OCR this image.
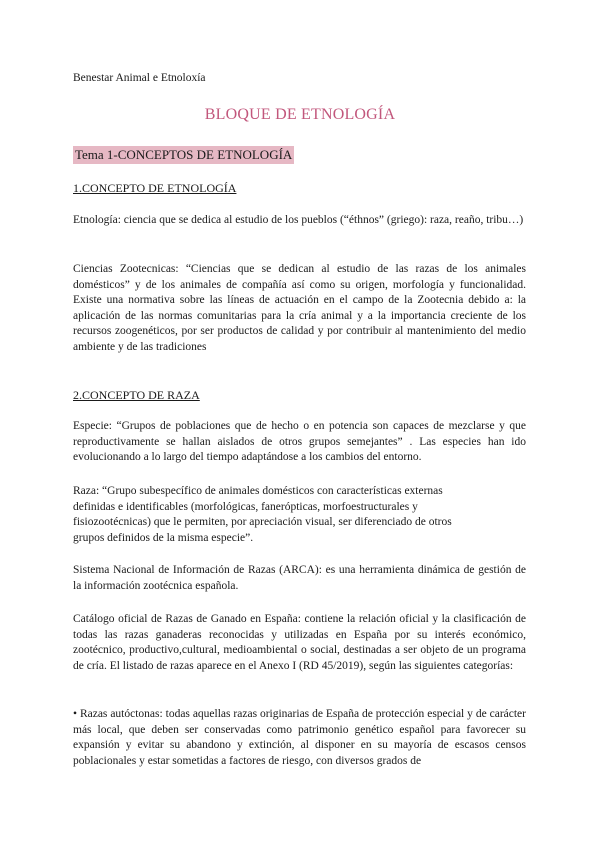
Benestar Animal e Etnoloxía
BLOQUE DE ETNOLOGÍA
Tema 1-CONCEPTOS DE ETNOLOGÍA
1.CONCEPTO DE ETNOLOGÍA
Etnología: ciencia que se dedica al estudio de los pueblos (“éthnos” (griego): raza, reaño, tribu…)
Ciencias Zootecnicas: “Ciencias que se dedican al estudio de las razas de los animales domésticos” y de los animales de compañía así como su origen, morfología y funcionalidad. Existe una normativa sobre las líneas de actuación en el campo de la Zootecnia debido a: la aplicación de las normas comunitarias para la cría animal y a la importancia creciente de los recursos zoogenéticos, por ser productos de calidad y por contribuir al mantenimiento del medio ambiente y de las tradiciones
2.CONCEPTO DE RAZA
Especie: “Grupos de poblaciones que de hecho o en potencia son capaces de mezclarse y que reproductivamente se hallan aislados de otros grupos semejantes” . Las especies han ido evolucionando a lo largo del tiempo adaptándose a los cambios del entorno.
Raza: “Grupo subespecífico de animales domésticos con características externas
definidas e identificables (morfológicas, fanerópticas, morfoestructurales y
fisiozootécnicas) que le permiten, por apreciación visual, ser diferenciado de otros
grupos definidos de la misma especie”.
Sistema Nacional de Información de Razas (ARCA): es una herramienta dinámica de gestión de la información zootécnica española.
Catálogo oficial de Razas de Ganado en España: contiene la relación oficial y la clasificación de todas las razas ganaderas reconocidas y utilizadas en España por su interés económico, zootécnico, productivo,cultural, medioambiental o social, destinadas a ser objeto de un programa de cría. El listado de razas aparece en el Anexo I (RD 45/2019), según las siguientes categorías:
• Razas autóctonas: todas aquellas razas originarias de España de protección especial y de carácter más local, que deben ser conservadas como patrimonio genético español para favorecer su expansión y evitar su abandono y extinción, al disponer en su mayoría de escasos censos poblacionales y estar sometidas a factores de riesgo, con diversos grados de
